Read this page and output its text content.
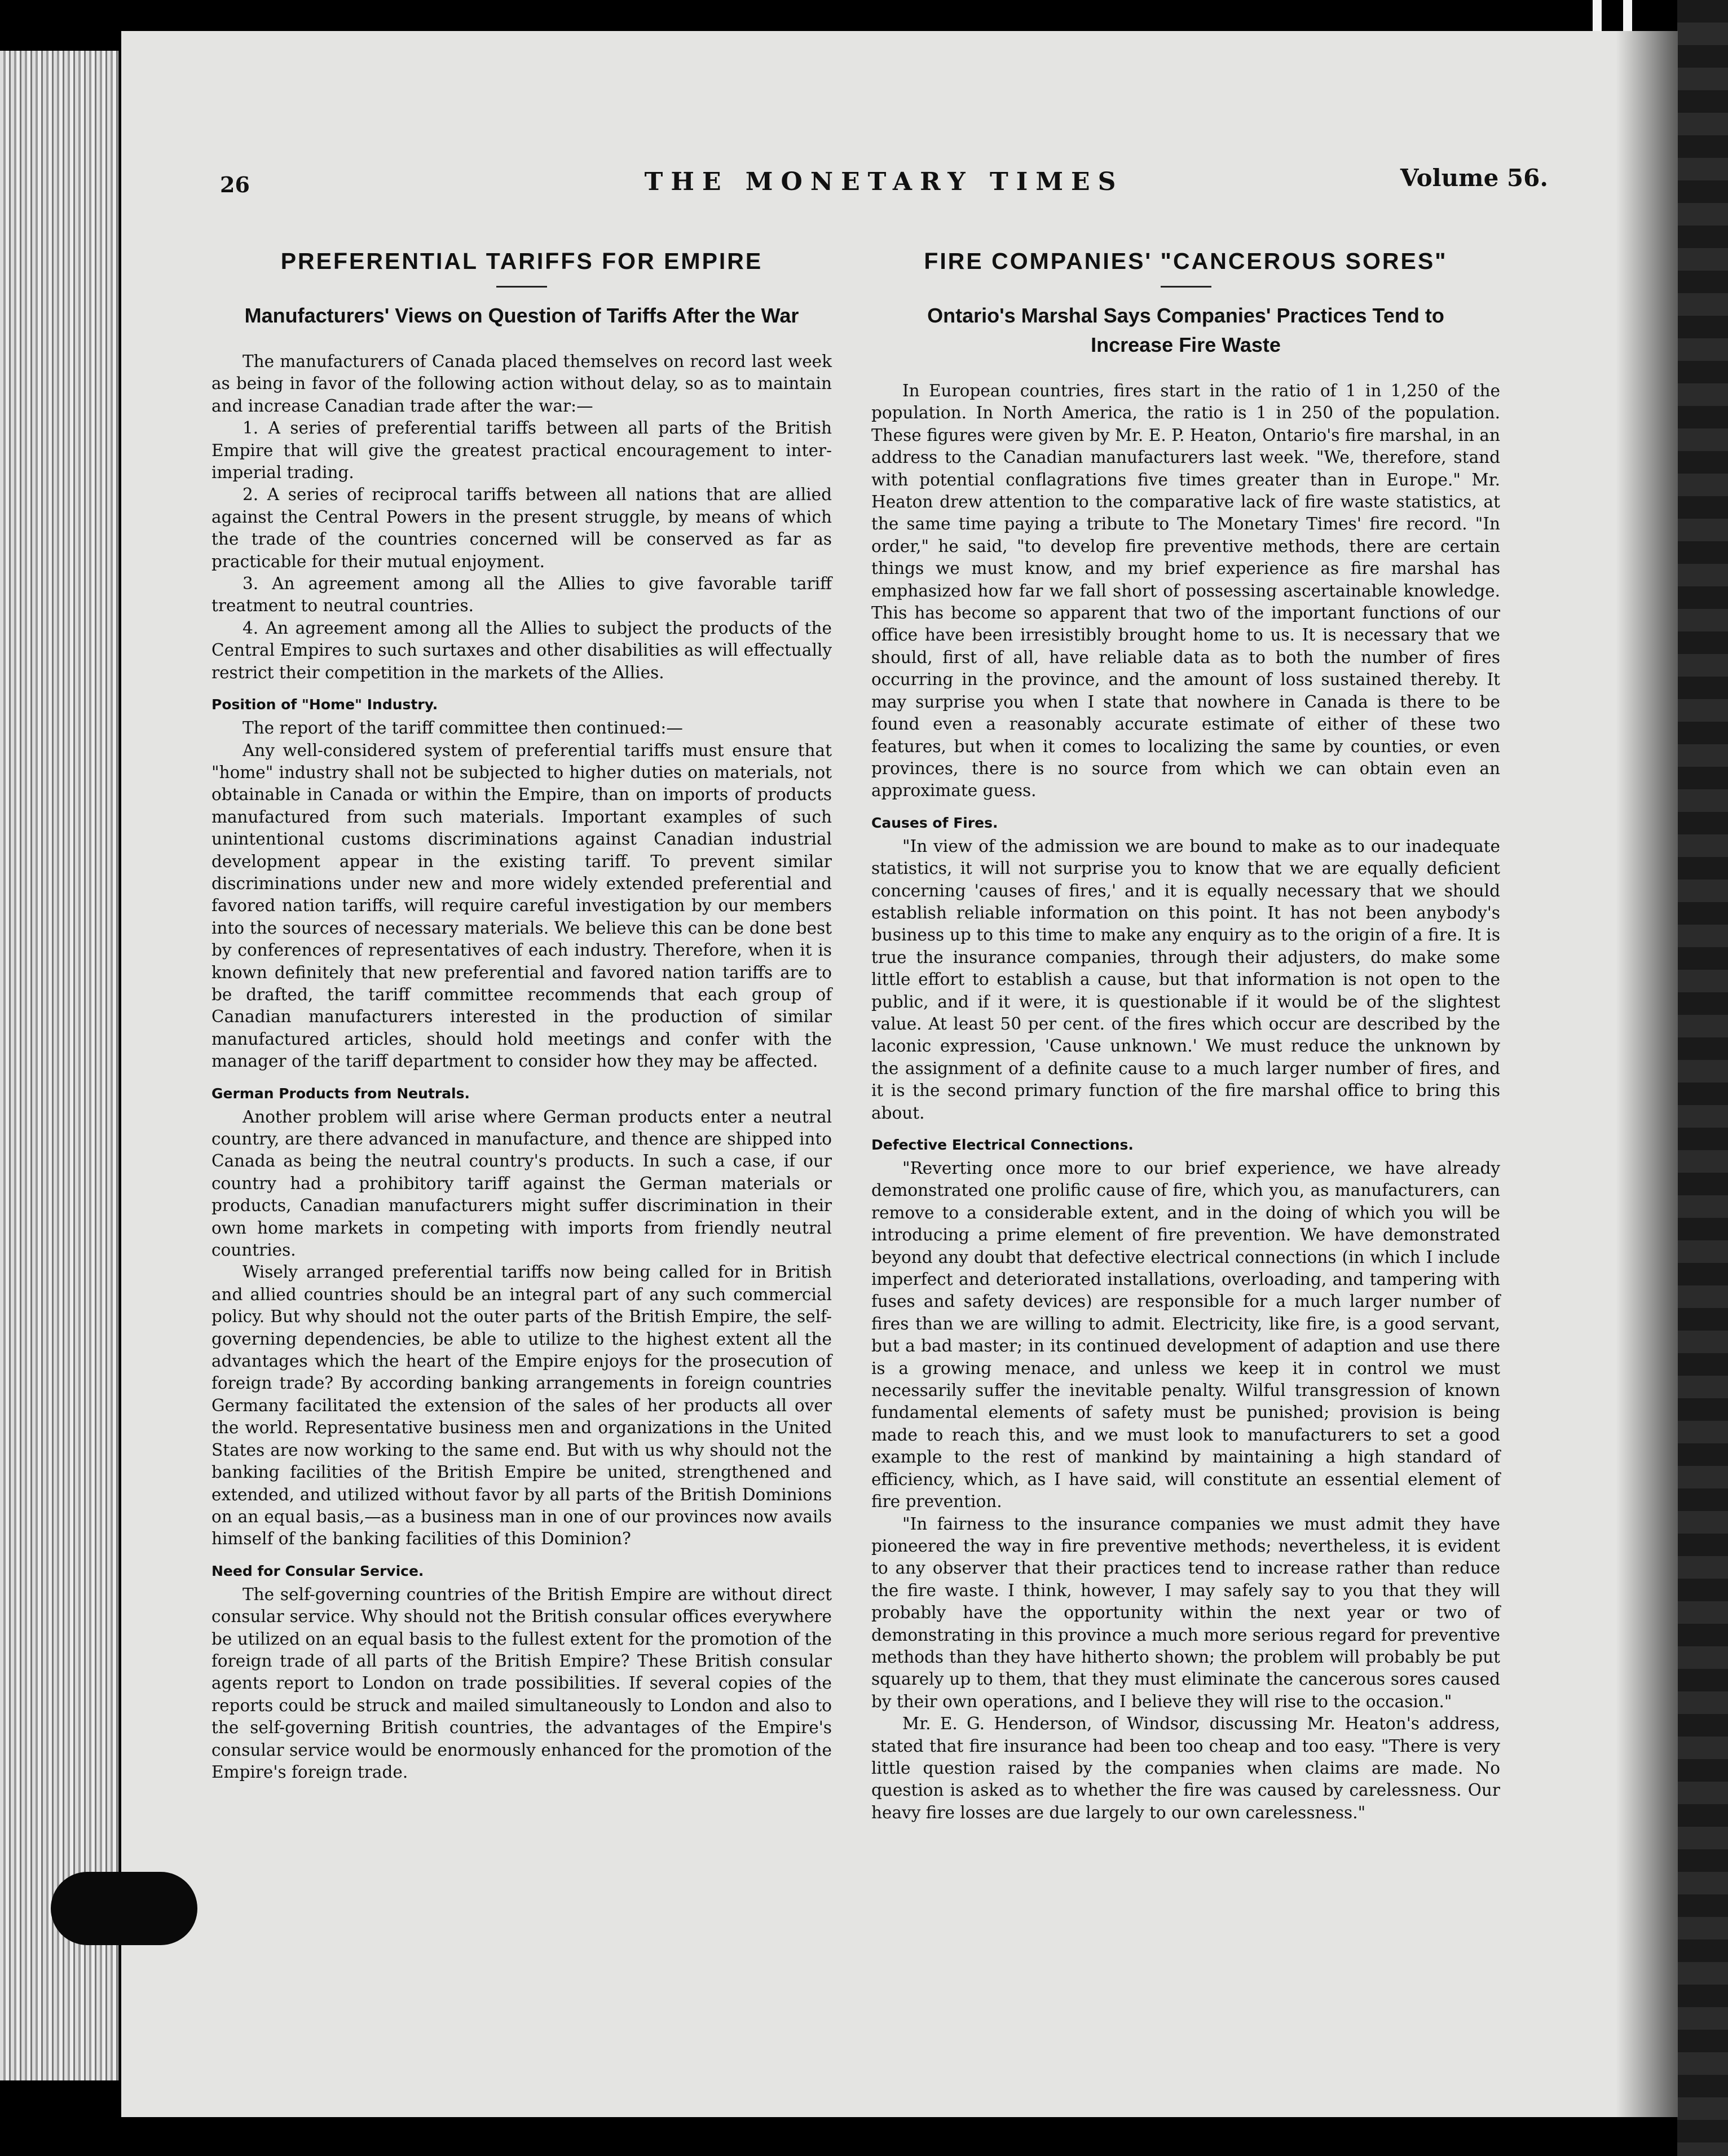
26	THE MONETARY TIMES	Volume 56.
PREFERENTIAL TARIFFS FOR EMPIRE
Manufacturers' Views on Question of Tariffs After the War

The manufacturers of Canada placed themselves on record last week as being in favor of the following action without delay, so as to maintain and increase Canadian trade after the war:—

1. A series of preferential tariffs between all parts of the British Empire that will give the greatest practical encouragement to inter-imperial trading.

2. A series of reciprocal tariffs between all nations that are allied against the Central Powers in the present struggle, by means of which the trade of the countries concerned will be conserved as far as practicable for their mutual enjoyment.

3. An agreement among all the Allies to give favorable tariff treatment to neutral countries.

4. An agreement among all the Allies to subject the products of the Central Empires to such surtaxes and other disabilities as will effectually restrict their competition in the markets of the Allies.

Position of "Home" Industry.

The report of the tariff committee then continued:—

Any well-considered system of preferential tariffs must ensure that "home" industry shall not be subjected to higher duties on materials, not obtainable in Canada or within the Empire, than on imports of products manufactured from such materials. Important examples of such unintentional customs discriminations against Canadian industrial development appear in the existing tariff. To prevent similar discriminations under new and more widely extended preferential and favored nation tariffs, will require careful investigation by our members into the sources of necessary materials. We believe this can be done best by conferences of representatives of each industry. Therefore, when it is known definitely that new preferential and favored nation tariffs are to be drafted, the tariff committee recommends that each group of Canadian manufacturers interested in the production of similar manufactured articles, should hold meetings and confer with the manager of the tariff department to consider how they may be affected.

German Products from Neutrals.

Another problem will arise where German products enter a neutral country, are there advanced in manufacture, and thence are shipped into Canada as being the neutral country's products. In such a case, if our country had a prohibitory tariff against the German materials or products, Canadian manufacturers might suffer discrimination in their own home markets in competing with imports from friendly neutral countries.

Wisely arranged preferential tariffs now being called for in British and allied countries should be an integral part of any such commercial policy. But why should not the outer parts of the British Empire, the self-governing dependencies, be able to utilize to the highest extent all the advantages which the heart of the Empire enjoys for the prosecution of foreign trade? By according banking arrangements in foreign countries Germany facilitated the extension of the sales of her products all over the world. Representative business men and organizations in the United States are now working to the same end. But with us why should not the banking facilities of the British Empire be united, strengthened and extended, and utilized without favor by all parts of the British Dominions on an equal basis,—as a business man in one of our provinces now avails himself of the banking facilities of this Dominion?

Need for Consular Service.

The self-governing countries of the British Empire are without direct consular service. Why should not the British consular offices everywhere be utilized on an equal basis to the fullest extent for the promotion of the foreign trade of all parts of the British Empire? These British consular agents report to London on trade possibilities. If several copies of the reports could be struck and mailed simultaneously to London and also to the self-governing British countries, the advantages of the Empire's consular service would be enormously enhanced for the promotion of the Empire's foreign trade.

FIRE COMPANIES' "CANCEROUS SORES"
Ontario's Marshal Says Companies' Practices Tend to Increase Fire Waste

In European countries, fires start in the ratio of 1 in 1,250 of the population. In North America, the ratio is 1 in 250 of the population. These figures were given by Mr. E. P. Heaton, Ontario's fire marshal, in an address to the Canadian manufacturers last week. "We, therefore, stand with potential conflagrations five times greater than in Europe." Mr. Heaton drew attention to the comparative lack of fire waste statistics, at the same time paying a tribute to The Monetary Times' fire record. "In order," he said, "to develop fire preventive methods, there are certain things we must know, and my brief experience as fire marshal has emphasized how far we fall short of possessing ascertainable knowledge. This has become so apparent that two of the important functions of our office have been irresistibly brought home to us. It is necessary that we should, first of all, have reliable data as to both the number of fires occurring in the province, and the amount of loss sustained thereby. It may surprise you when I state that nowhere in Canada is there to be found even a reasonably accurate estimate of either of these two features, but when it comes to localizing the same by counties, or even provinces, there is no source from which we can obtain even an approximate guess.

Causes of Fires.

"In view of the admission we are bound to make as to our inadequate statistics, it will not surprise you to know that we are equally deficient concerning 'causes of fires,' and it is equally necessary that we should establish reliable information on this point. It has not been anybody's business up to this time to make any enquiry as to the origin of a fire. It is true the insurance companies, through their adjusters, do make some little effort to establish a cause, but that information is not open to the public, and if it were, it is questionable if it would be of the slightest value. At least 50 per cent. of the fires which occur are described by the laconic expression, 'Cause unknown.' We must reduce the unknown by the assignment of a definite cause to a much larger number of fires, and it is the second primary function of the fire marshal office to bring this about.

Defective Electrical Connections.

"Reverting once more to our brief experience, we have already demonstrated one prolific cause of fire, which you, as manufacturers, can remove to a considerable extent, and in the doing of which you will be introducing a prime element of fire prevention. We have demonstrated beyond any doubt that defective electrical connections (in which I include imperfect and deteriorated installations, overloading, and tampering with fuses and safety devices) are responsible for a much larger number of fires than we are willing to admit. Electricity, like fire, is a good servant, but a bad master; in its continued development of adaption and use there is a growing menace, and unless we keep it in control we must necessarily suffer the inevitable penalty. Wilful transgression of known fundamental elements of safety must be punished; provision is being made to reach this, and we must look to manufacturers to set a good example to the rest of mankind by maintaining a high standard of efficiency, which, as I have said, will constitute an essential element of fire prevention.

"In fairness to the insurance companies we must admit they have pioneered the way in fire preventive methods; nevertheless, it is evident to any observer that their practices tend to increase rather than reduce the fire waste. I think, however, I may safely say to you that they will probably have the opportunity within the next year or two of demonstrating in this province a much more serious regard for preventive methods than they have hitherto shown; the problem will probably be put squarely up to them, that they must eliminate the cancerous sores caused by their own operations, and I believe they will rise to the occasion."

Mr. E. G. Henderson, of Windsor, discussing Mr. Heaton's address, stated that fire insurance had been too cheap and too easy. "There is very little question raised by the companies when claims are made. No question is asked as to whether the fire was caused by carelessness. Our heavy fire losses are due largely to our own carelessness."
